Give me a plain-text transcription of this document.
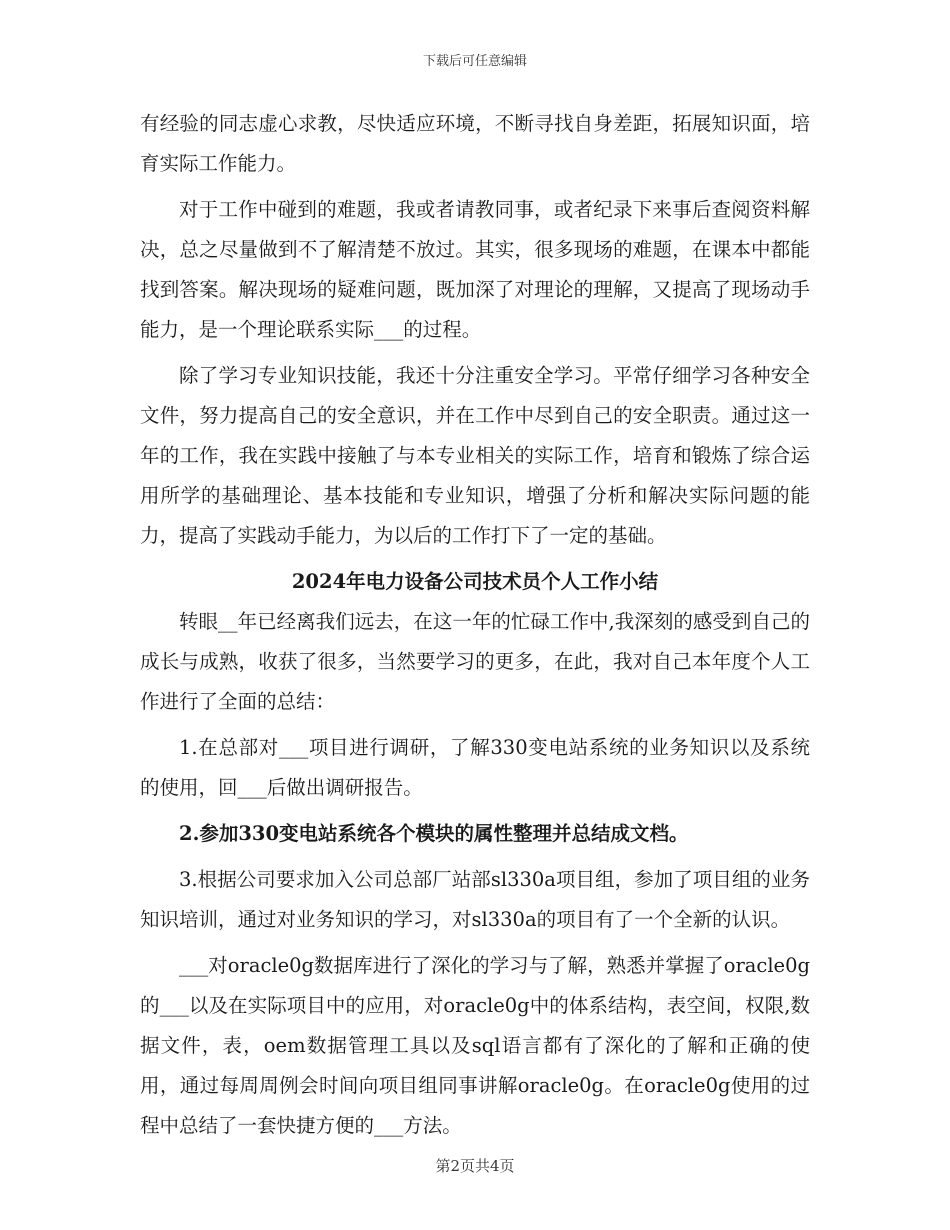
下载后可任意编辑

有经验的同志虚心求教，尽快适应环境，不断寻找自身差距，拓展知识面，培育实际工作能力。

对于工作中碰到的难题，我或者请教同事，或者纪录下来事后查阅资料解决，总之尽量做到不了解清楚不放过。其实，很多现场的难题，在课本中都能找到答案。解决现场的疑难问题，既加深了对理论的理解，又提高了现场动手能力，是一个理论联系实际___的过程。

除了学习专业知识技能，我还十分注重安全学习。平常仔细学习各种安全文件，努力提高自己的安全意识，并在工作中尽到自己的安全职责。通过这一年的工作，我在实践中接触了与本专业相关的实际工作，培育和锻炼了综合运用所学的基础理论、基本技能和专业知识，增强了分析和解决实际问题的能力，提高了实践动手能力，为以后的工作打下了一定的基础。

2024年电力设备公司技术员个人工作小结

转眼__年已经离我们远去，在这一年的忙碌工作中,我深刻的感受到自己的成长与成熟，收获了很多，当然要学习的更多，在此，我对自己本年度个人工作进行了全面的总结：

1.在总部对___项目进行调研，了解330变电站系统的业务知识以及系统的使用，回___后做出调研报告。

2.参加330变电站系统各个模块的属性整理并总结成文档。

3.根据公司要求加入公司总部厂站部sl330a项目组，参加了项目组的业务知识培训，通过对业务知识的学习，对sl330a的项目有了一个全新的认识。

___对oracle0g数据库进行了深化的学习与了解，熟悉并掌握了oracle0g的___以及在实际项目中的应用，对oracle0g中的体系结构，表空间，权限,数据文件，表，oem数据管理工具以及sql语言都有了深化的了解和正确的使用，通过每周周例会时间向项目组同事讲解oracle0g。在oracle0g使用的过程中总结了一套快捷方便的___方法。

第2页共4页
